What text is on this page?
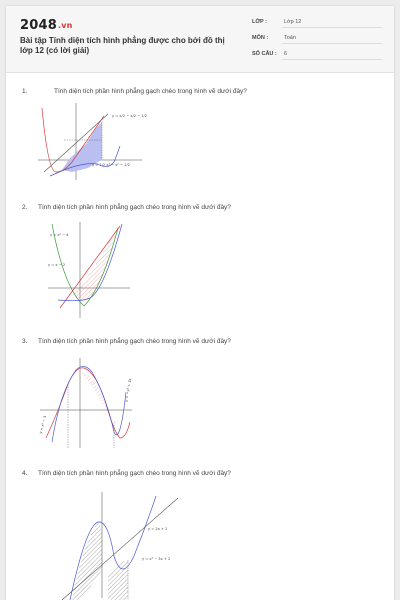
2048.vn
Bài tập Tính diện tích hình phẳng được cho bởi đồ thị lớp 12 (có lời giải)
LỚP :	Lớp 12
MÔN :	Toán
SỐ CÂU : 6
1.	Tính diện tích phần hình phẳng gạch chéo trong hình vẽ dưới đây?
y = x/2 − x/2 − 1/2
y = 1/2 x³ − x² − 1/2
2. Tính diện tích phần hình phẳng gạch chéo trong hình vẽ dưới đây?
y = x² − 4
y = x − 2
3. Tính diện tích phần hình phẳng gạch chéo trong hình vẽ dưới đây?
y = x² − 3
y = −x³ + 3x
4. Tính diện tích phần hình phẳng gạch chéo trong hình vẽ dưới đây?
y = 2x + 2
y = x³ − 3x + 2
